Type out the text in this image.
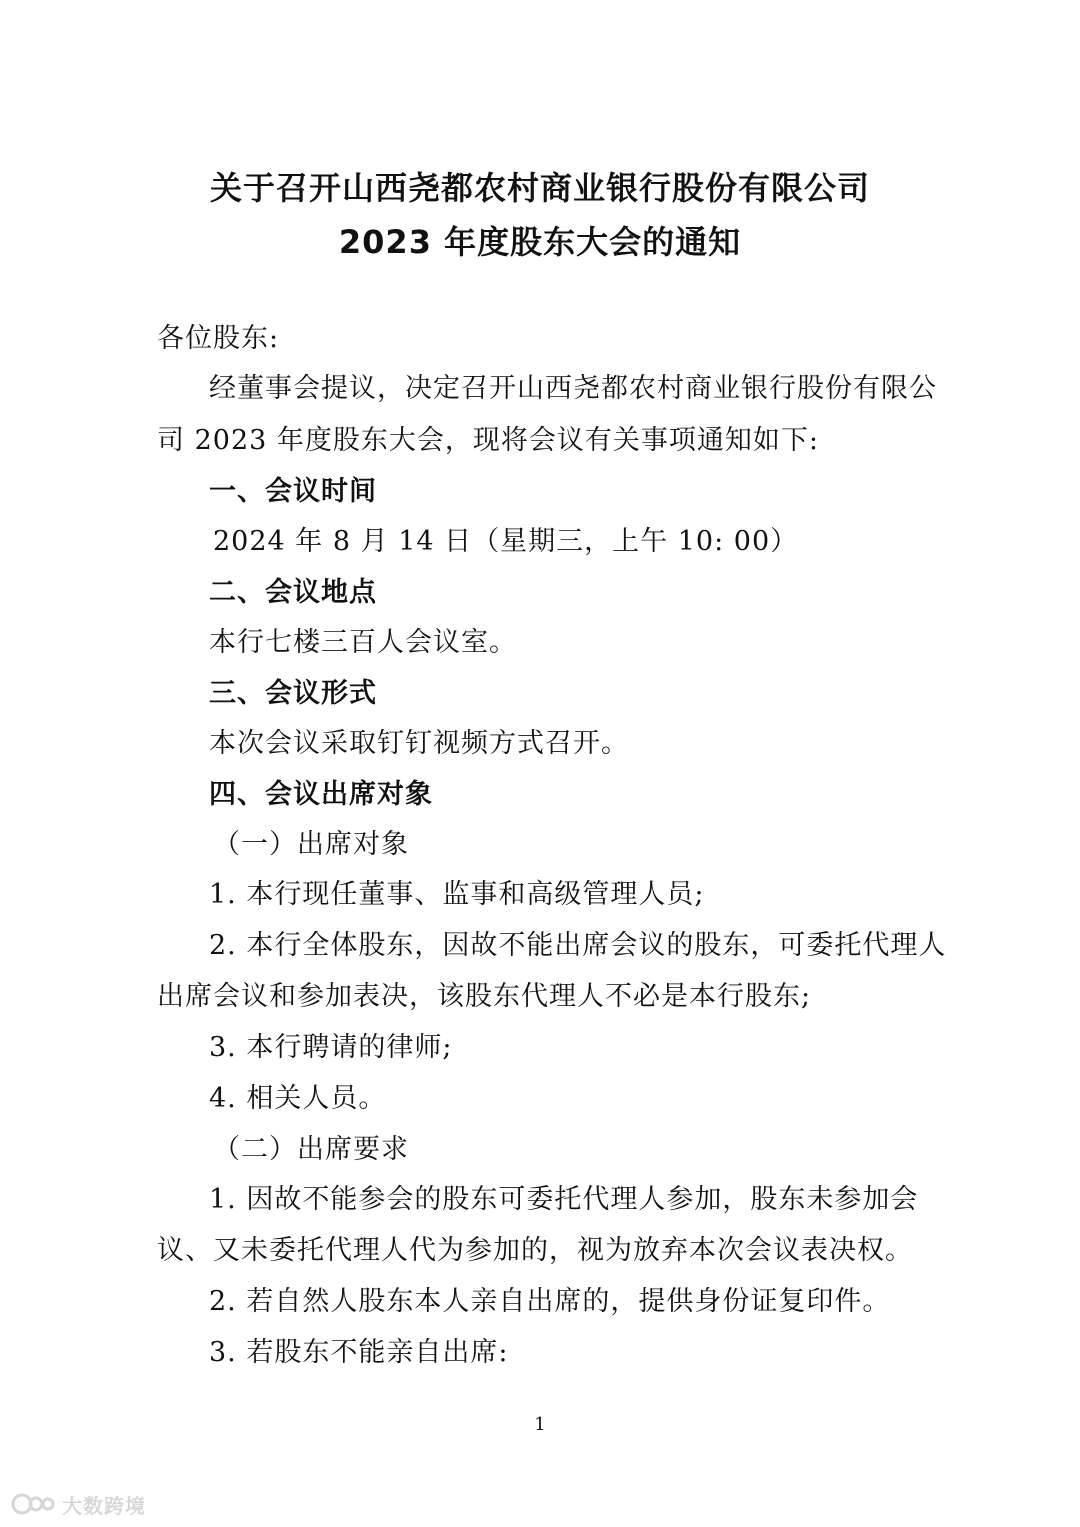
关于召开山西尧都农村商业银行股份有限公司
2023 年度股东大会的通知
各位股东:
经董事会提议，决定召开山西尧都农村商业银行股份有限公
司 2023 年度股东大会，现将会议有关事项通知如下:
一、会议时间
2024 年 8 月 14 日（星期三，上午 10: 00）
二、会议地点
本行七楼三百人会议室。
三、会议形式
本次会议采取钉钉视频方式召开。
四、会议出席对象
（一）出席对象
1. 本行现任董事、监事和高级管理人员;
2. 本行全体股东，因故不能出席会议的股东，可委托代理人
出席会议和参加表决，该股东代理人不必是本行股东;
3. 本行聘请的律师;
4. 相关人员。
（二）出席要求
1. 因故不能参会的股东可委托代理人参加，股东未参加会
议、又未委托代理人代为参加的，视为放弃本次会议表决权。
2. 若自然人股东本人亲自出席的，提供身份证复印件。
3. 若股东不能亲自出席:
1
大数跨境
